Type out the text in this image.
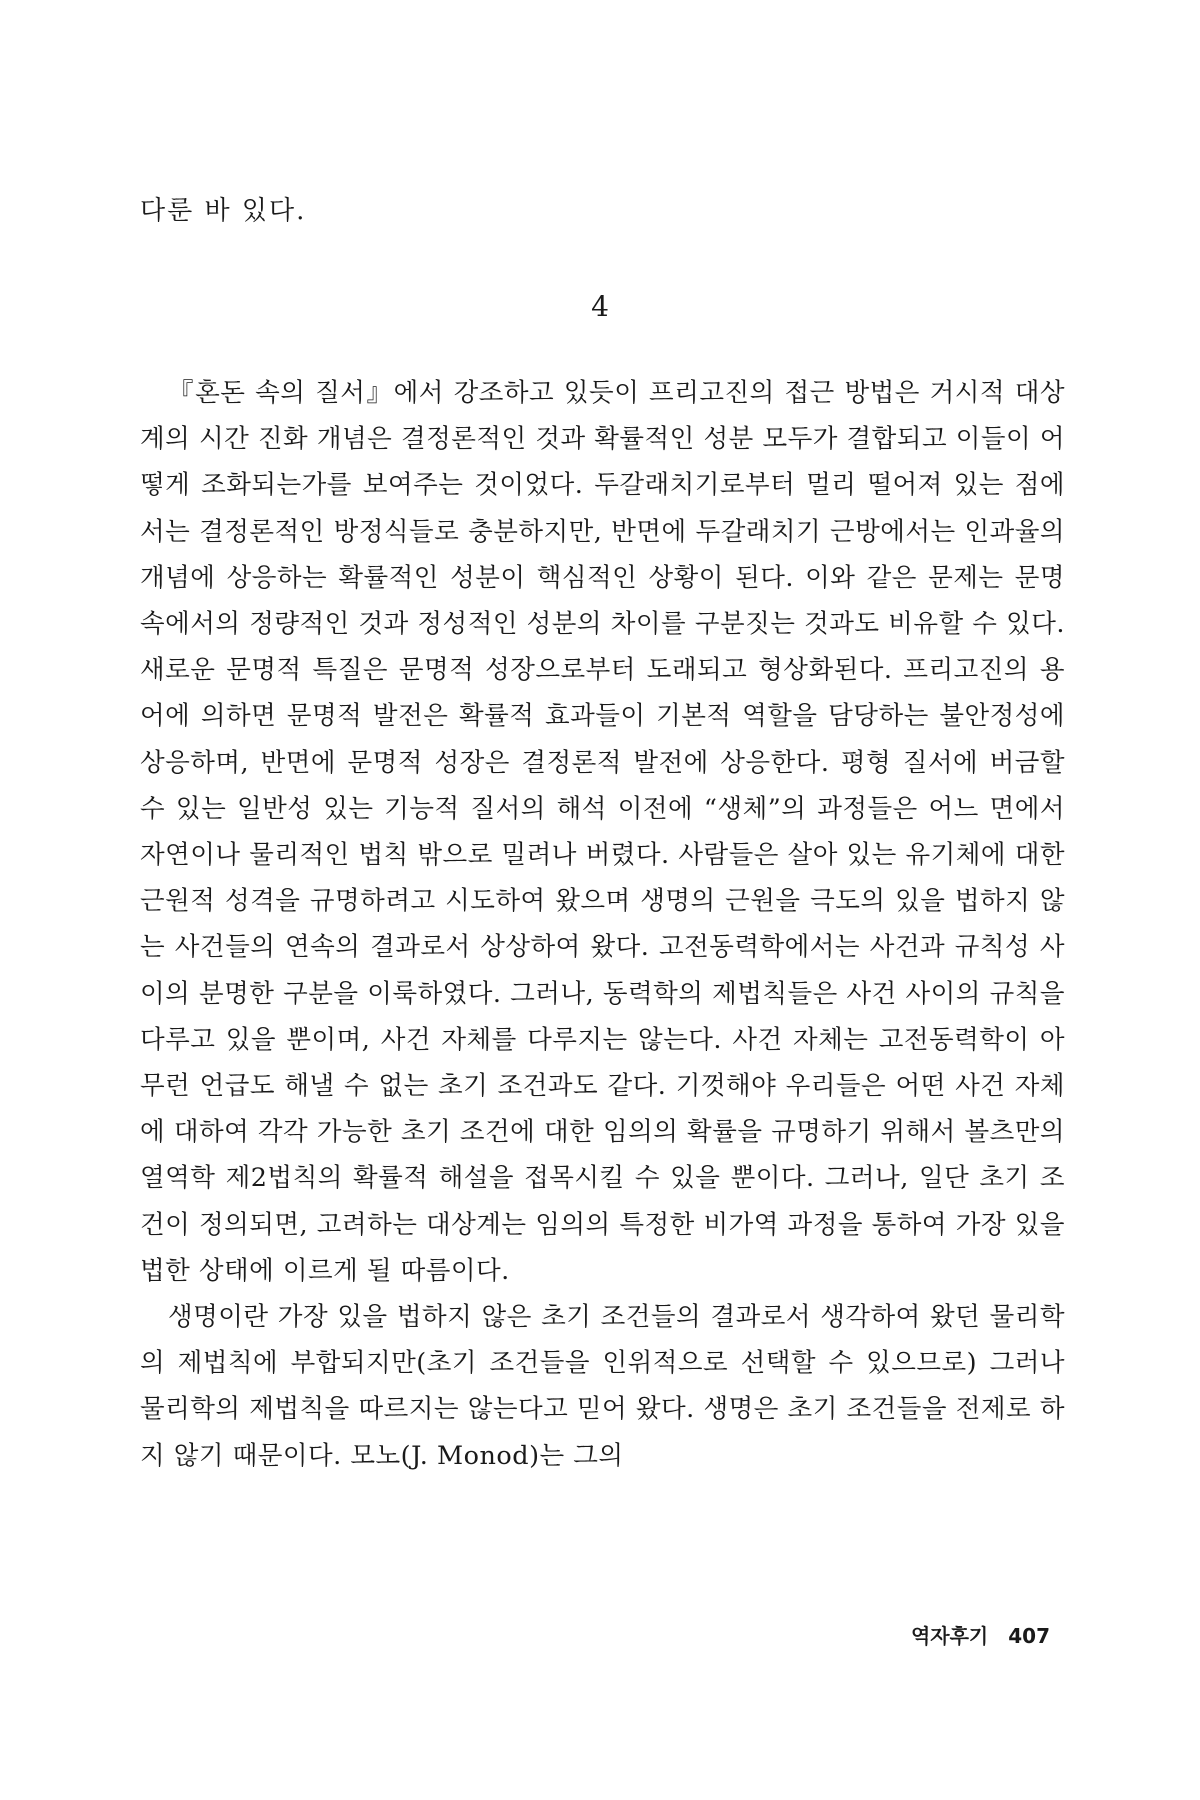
다룬 바 있다.
4

『혼돈 속의 질서』에서 강조하고 있듯이 프리고진의 접근 방법은 거시적 대상계의 시간 진화 개념은 결정론적인 것과 확률적인 성분 모두가 결합되고 이들이 어떻게 조화되는가를 보여주는 것이었다. 두갈래치기로부터 멀리 떨어져 있는 점에서는 결정론적인 방정식들로 충분하지만, 반면에 두갈래치기 근방에서는 인과율의 개념에 상응하는 확률적인 성분이 핵심적인 상황이 된다. 이와 같은 문제는 문명 속에서의 정량적인 것과 정성적인 성분의 차이를 구분짓는 것과도 비유할 수 있다. 새로운 문명적 특질은 문명적 성장으로부터 도래되고 형상화된다. 프리고진의 용어에 의하면 문명적 발전은 확률적 효과들이 기본적 역할을 담당하는 불안정성에 상응하며, 반면에 문명적 성장은 결정론적 발전에 상응한다. 평형 질서에 버금할 수 있는 일반성 있는 기능적 질서의 해석 이전에 “생체”의 과정들은 어느 면에서 자연이나 물리적인 법칙 밖으로 밀려나 버렸다. 사람들은 살아 있는 유기체에 대한 근원적 성격을 규명하려고 시도하여 왔으며 생명의 근원을 극도의 있을 법하지 않는 사건들의 연속의 결과로서 상상하여 왔다. 고전동력학에서는 사건과 규칙성 사이의 분명한 구분을 이룩하였다. 그러나, 동력학의 제법칙들은 사건 사이의 규칙을 다루고 있을 뿐이며, 사건 자체를 다루지는 않는다. 사건 자체는 고전동력학이 아무런 언급도 해낼 수 없는 초기 조건과도 같다. 기껏해야 우리들은 어떤 사건 자체에 대하여 각각 가능한 초기 조건에 대한 임의의 확률을 규명하기 위해서 볼츠만의 열역학 제2법칙의 확률적 해설을 접목시킬 수 있을 뿐이다. 그러나, 일단 초기 조건이 정의되면, 고려하는 대상계는 임의의 특정한 비가역 과정을 통하여 가장 있을 법한 상태에 이르게 될 따름이다.

생명이란 가장 있을 법하지 않은 초기 조건들의 결과로서 생각하여 왔던 물리학의 제법칙에 부합되지만(초기 조건들을 인위적으로 선택할 수 있으므로) 그러나 물리학의 제법칙을 따르지는 않는다고 믿어 왔다. 생명은 초기 조건들을 전제로 하지 않기 때문이다. 모노(J. Monod)는 그의

역자후기 407
